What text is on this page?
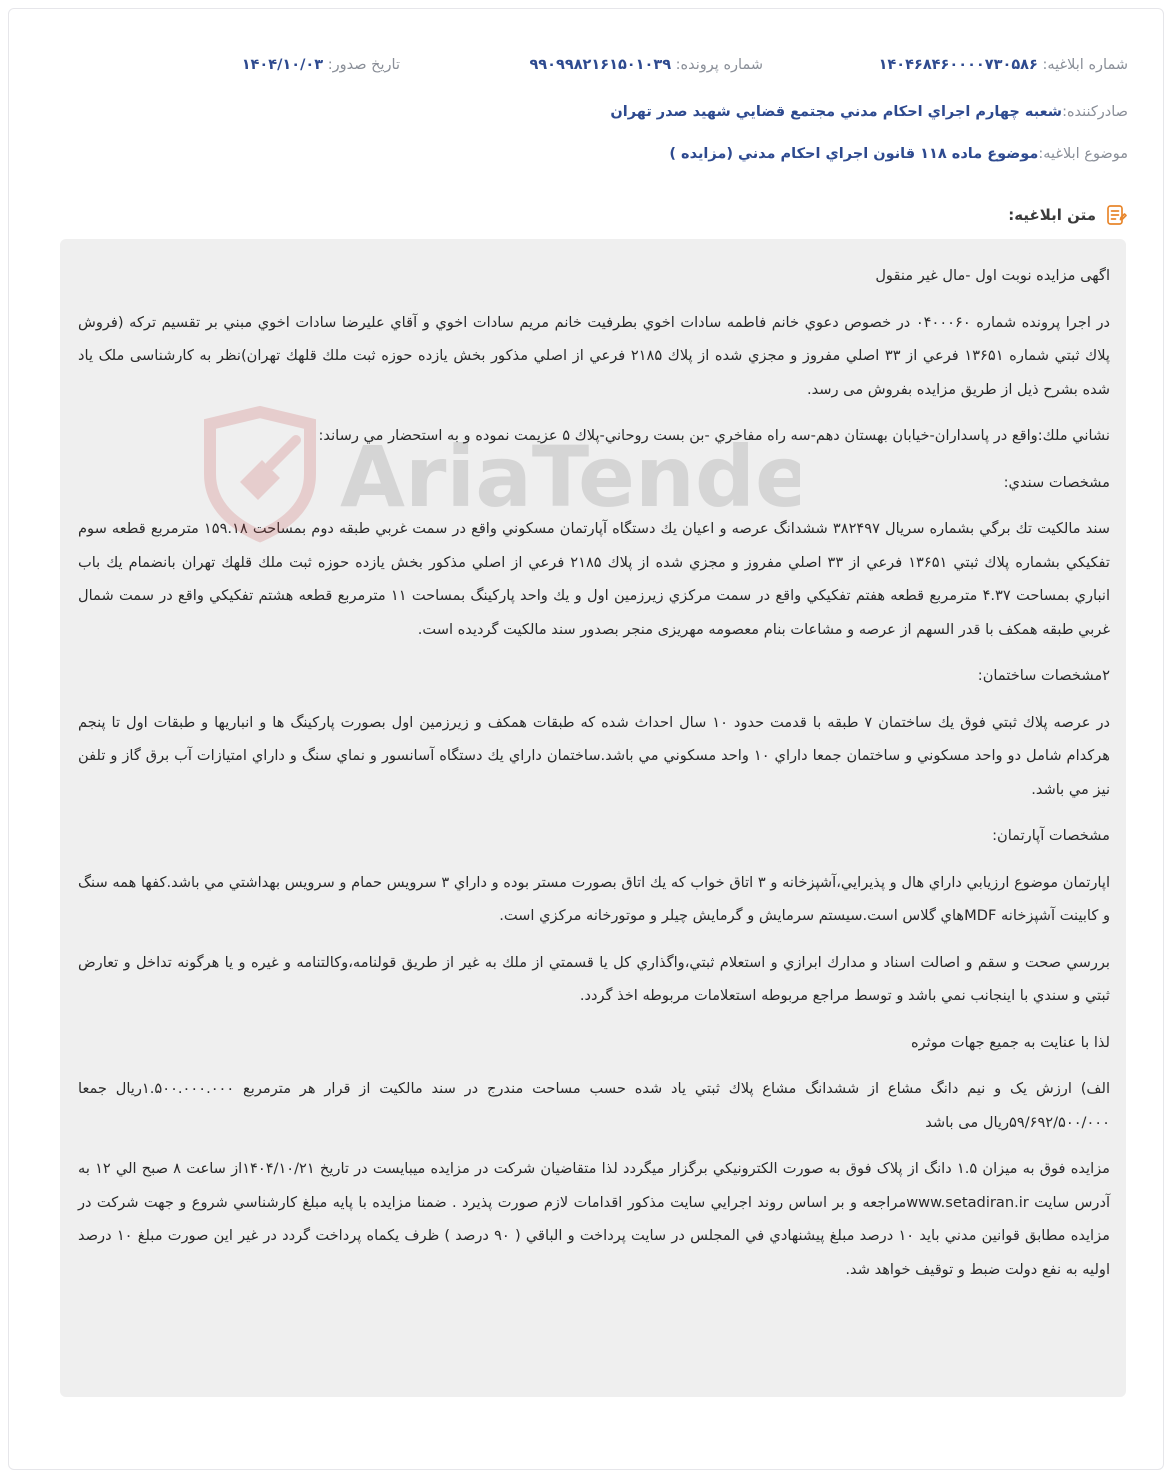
شماره ابلاغيه: ۱۴۰۴۶۸۴۶۰۰۰۰۷۳۰۵۸۶
شماره پرونده: ۹۹۰۹۹۸۲۱۶۱۵۰۱۰۳۹
تاريخ صدور: ۱۴۰۴/۱۰/۰۳
صادرکننده:
شعبه چهارم اجراي احكام مدني مجتمع قضايي شهيد صدر تهران
موضوع ابلاغيه:
موضوع ماده ۱۱۸ قانون اجراي احكام مدني (مزايده )
متن ابلاغيه:

اگهی مزایده نوبت اول -مال غیر منقول

در اجرا پرونده شماره ۰۴۰۰۰۶۰ در خصوص دعوي خانم فاطمه سادات اخوي بطرفيت خانم مريم سادات اخوي و آقاي عليرضا سادات اخوي مبني بر تقسيم تركه (فروش پلاك ثبتي شماره ۱۳۶۵۱ فرعي از ۳۳ اصلي مفروز و مجزي شده از پلاك ۲۱۸۵ فرعي از اصلي مذكور بخش يازده حوزه ثبت ملك قلهك تهران)نظر به كارشناسی ملک یاد شده بشرح ذیل از طریق مزایده بفروش می رسد.

نشاني ملك:واقع در پاسداران-خيابان بهستان دهم-سه راه مفاخري -بن بست روحاني-پلاك ۵ عزيمت نموده و به استحضار مي رساند:

مشخصات سندي:

سند مالكيت تك برگي بشماره سريال ۳۸۲۴۹۷ ششدانگ عرصه و اعيان يك دستگاه آپارتمان مسكوني واقع در سمت غربي طبقه دوم بمساحت ۱۵۹.۱۸ مترمربع قطعه سوم تفكيكي بشماره پلاك ثبتي ۱۳۶۵۱ فرعي از ۳۳ اصلي مفروز و مجزي شده از پلاك ۲۱۸۵ فرعي از اصلي مذكور بخش يازده حوزه ثبت ملك قلهك تهران بانضمام يك باب انباري بمساحت ۴.۳۷ مترمربع قطعه هفتم تفكيكي واقع در سمت مركزي زيرزمين اول و يك واحد پاركينگ بمساحت ۱۱ مترمربع قطعه هشتم تفكيكي واقع در سمت شمال غربي طبقه همكف با قدر السهم از عرصه و مشاعات بنام معصومه مهریزی منجر بصدور سند مالكيت گرديده است.

۲مشخصات ساختمان:

در عرصه پلاك ثبتي فوق يك ساختمان ۷ طبقه با قدمت حدود ۱۰ سال احداث شده كه طبقات همكف و زيرزمين اول بصورت پاركينگ ها و انباريها و طبقات اول تا پنجم هركدام شامل دو واحد مسكوني و ساختمان جمعا داراي ۱۰ واحد مسكوني مي باشد.ساختمان داراي يك دستگاه آسانسور و نماي سنگ و داراي امتيازات آب برق گاز و تلفن نيز مي باشد.

مشخصات آپارتمان:

اپارتمان موضوع ارزيابي داراي هال و پذيرايي،آشپزخانه و ۳ اتاق خواب كه يك اتاق بصورت مستر بوده و داراي ۳ سرويس حمام و سرويس بهداشتي مي باشد.كفها همه سنگ و كابينت آشپزخانه MDFهاي گلاس است.سيستم سرمايش و گرمايش چيلر و موتورخانه مركزي است.

بررسي صحت و سقم و اصالت اسناد و مدارك ابرازي و استعلام ثبتي،واگذاري كل يا قسمتي از ملك به غير از طريق قولنامه،وكالتنامه و غيره و يا هرگونه تداخل و تعارض ثبتي و سندي با اينجانب نمي باشد و توسط مراجع مربوطه استعلامات مربوطه اخذ گردد.

لذا با عنايت به جميع جهات موثره

الف) ارزش یک و نیم دانگ مشاع از ششدانگ مشاع پلاك ثبتي ياد شده حسب مساحت مندرج در سند مالكيت از قرار هر مترمربع ۱.۵۰۰.۰۰۰.۰۰۰ريال جمعا ۵۹/۶۹۲/۵۰۰/۰۰۰ريال می باشد

مزایده فوق به میزان ۱.۵ دانگ از پلاک فوق به صورت الكترونيكي برگزار ميگردد لذا متقاضيان شركت در مزايده ميبايست در تاريخ ۱۴۰۴/۱۰/۲۱از ساعت ۸ صبح الي ۱۲ به آدرس سايت www.setadiran.irمراجعه و بر اساس روند اجرايي سايت مذكور اقدامات لازم صورت پذيرد . ضمنا مزایده با پایه مبلغ كارشناسي شروع و جهت شركت در مزايده مطابق قوانين مدني بايد ۱۰ درصد مبلغ پيشنهادي في المجلس در سايت پرداخت و الباقي ( ۹۰ درصد ) ظرف يكماه پرداخت گردد در غير اين صورت مبلغ ۱۰ درصد اوليه به نفع دولت ضبط و توقيف خواهد شد.
